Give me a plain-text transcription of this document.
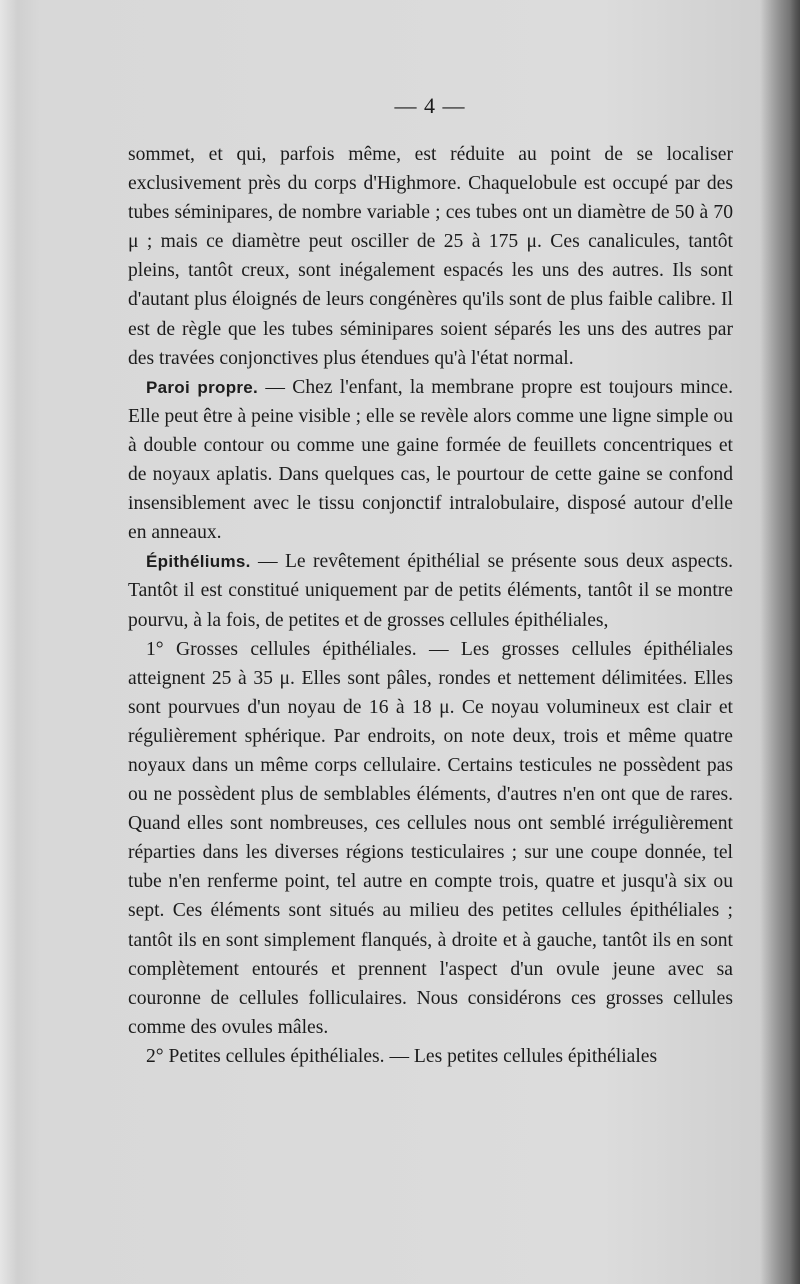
— 4 —

sommet, et qui, parfois même, est réduite au point de se localiser exclusivement près du corps d'Highmore. Chaquelobule est occupé par des tubes séminipares, de nombre variable ; ces tubes ont un diamètre de 50 à 70 μ ; mais ce diamètre peut osciller de 25 à 175 μ. Ces canalicules, tantôt pleins, tantôt creux, sont inégalement espacés les uns des autres. Ils sont d'autant plus éloignés de leurs congénères qu'ils sont de plus faible calibre. Il est de règle que les tubes séminipares soient séparés les uns des autres par des travées conjonctives plus étendues qu'à l'état normal.

Paroi propre. — Chez l'enfant, la membrane propre est toujours mince. Elle peut être à peine visible ; elle se revèle alors comme une ligne simple ou à double contour ou comme une gaine formée de feuillets concentriques et de noyaux aplatis. Dans quelques cas, le pourtour de cette gaine se confond insensiblement avec le tissu conjonctif intralobulaire, disposé autour d'elle en anneaux.

Épithéliums. — Le revêtement épithélial se présente sous deux aspects. Tantôt il est constitué uniquement par de petits éléments, tantôt il se montre pourvu, à la fois, de petites et de grosses cellules épithéliales,

1° Grosses cellules épithéliales. — Les grosses cellules épithéliales atteignent 25 à 35 μ. Elles sont pâles, rondes et nettement délimitées. Elles sont pourvues d'un noyau de 16 à 18 μ. Ce noyau volumineux est clair et régulièrement sphérique. Par endroits, on note deux, trois et même quatre noyaux dans un même corps cellulaire. Certains testicules ne possèdent pas ou ne possèdent plus de semblables éléments, d'autres n'en ont que de rares. Quand elles sont nombreuses, ces cellules nous ont semblé irrégulièrement réparties dans les diverses régions testiculaires ; sur une coupe donnée, tel tube n'en renferme point, tel autre en compte trois, quatre et jusqu'à six ou sept. Ces éléments sont situés au milieu des petites cellules épithéliales ; tantôt ils en sont simplement flanqués, à droite et à gauche, tantôt ils en sont complètement entourés et prennent l'aspect d'un ovule jeune avec sa couronne de cellules folliculaires. Nous considérons ces grosses cellules comme des ovules mâles.

2° Petites cellules épithéliales. — Les petites cellules épithéliales
